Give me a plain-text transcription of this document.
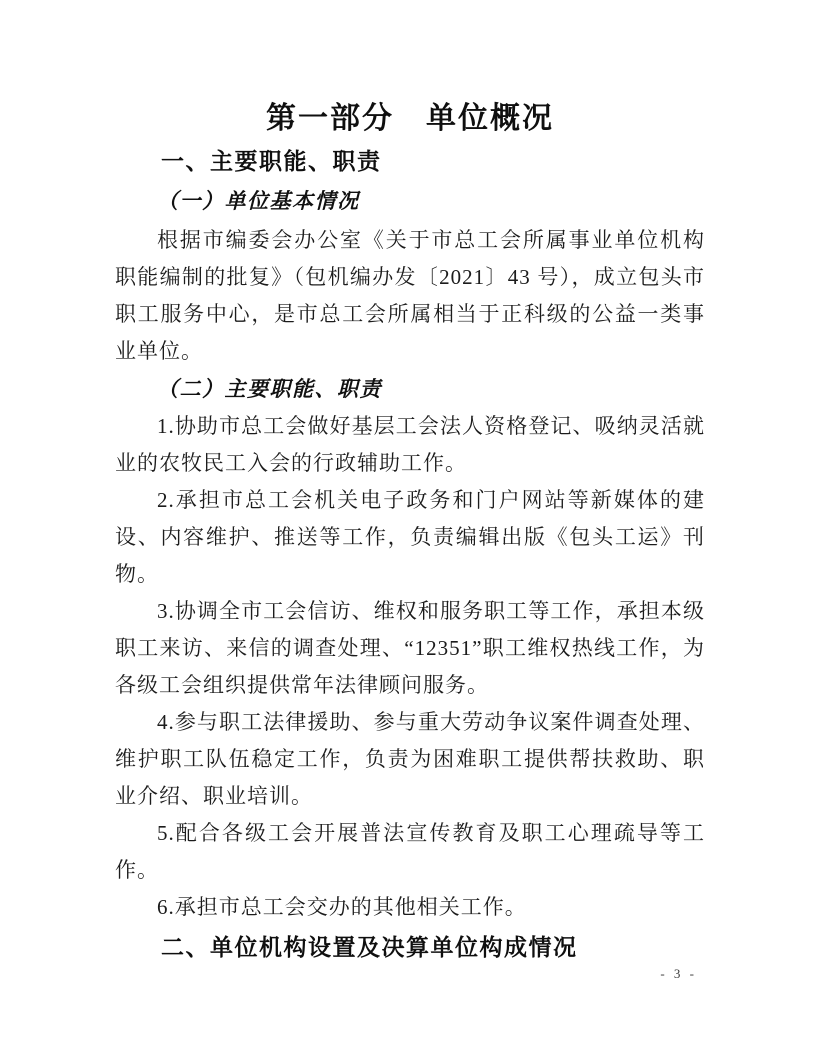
第一部分　单位概况
一、主要职能、职责
（一）单位基本情况

根据市编委会办公室《关于市总工会所属事业单位机构职能编制的批复》（包机编办发〔2021〕43 号），成立包头市职工服务中心，是市总工会所属相当于正科级的公益一类事业单位。

（二）主要职能、职责

1.协助市总工会做好基层工会法人资格登记、吸纳灵活就业的农牧民工入会的行政辅助工作。

2.承担市总工会机关电子政务和门户网站等新媒体的建设、内容维护、推送等工作，负责编辑出版《包头工运》刊物。

3.协调全市工会信访、维权和服务职工等工作，承担本级职工来访、来信的调查处理、“12351”职工维权热线工作，为各级工会组织提供常年法律顾问服务。

4.参与职工法律援助、参与重大劳动争议案件调查处理、维护职工队伍稳定工作，负责为困难职工提供帮扶救助、职业介绍、职业培训。

5.配合各级工会开展普法宣传教育及职工心理疏导等工作。

6.承担市总工会交办的其他相关工作。

二、单位机构设置及决算单位构成情况
- 3 -
